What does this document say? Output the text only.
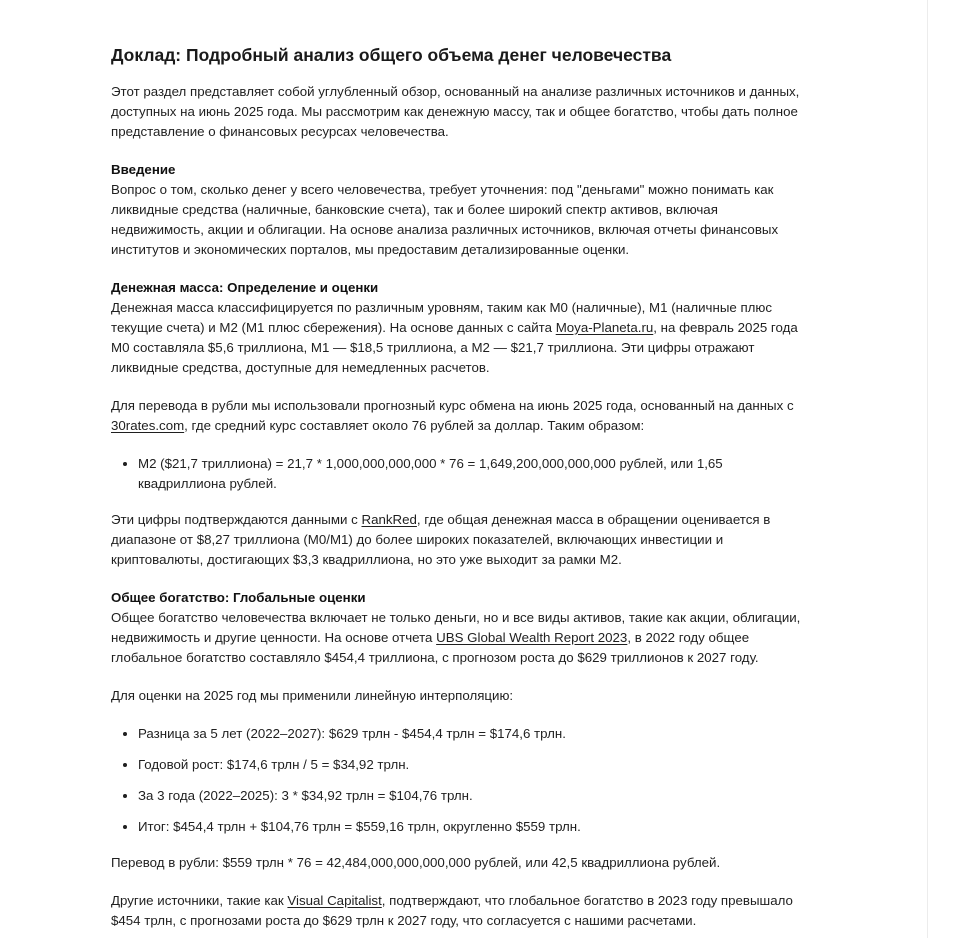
Доклад: Подробный анализ общего объема денег человечества

Этот раздел представляет собой углубленный обзор, основанный на анализе различных источников и данных, доступных на июнь 2025 года. Мы рассмотрим как денежную массу, так и общее богатство, чтобы дать полное представление о финансовых ресурсах человечества.

Введение

Вопрос о том, сколько денег у всего человечества, требует уточнения: под "деньгами" можно понимать как ликвидные средства (наличные, банковские счета), так и более широкий спектр активов, включая недвижимость, акции и облигации. На основе анализа различных источников, включая отчеты финансовых институтов и экономических порталов, мы предоставим детализированные оценки.

Денежная масса: Определение и оценки

Денежная масса классифицируется по различным уровням, таким как M0 (наличные), M1 (наличные плюс текущие счета) и M2 (M1 плюс сбережения). На основе данных с сайта Moya-Planeta.ru, на февраль 2025 года M0 составляла $5,6 триллиона, M1 — $18,5 триллиона, а M2 — $21,7 триллиона. Эти цифры отражают ликвидные средства, доступные для немедленных расчетов.

Для перевода в рубли мы использовали прогнозный курс обмена на июнь 2025 года, основанный на данных с 30rates.com, где средний курс составляет около 76 рублей за доллар. Таким образом:

• M2 ($21,7 триллиона) = 21,7 * 1,000,000,000,000 * 76 = 1,649,200,000,000,000 рублей, или 1,65 квадриллиона рублей.

Эти цифры подтверждаются данными с RankRed, где общая денежная масса в обращении оценивается в диапазоне от $8,27 триллиона (M0/M1) до более широких показателей, включающих инвестиции и криптовалюты, достигающих $3,3 квадриллиона, но это уже выходит за рамки M2.

Общее богатство: Глобальные оценки

Общее богатство человечества включает не только деньги, но и все виды активов, такие как акции, облигации, недвижимость и другие ценности. На основе отчета UBS Global Wealth Report 2023, в 2022 году общее глобальное богатство составляло $454,4 триллиона, с прогнозом роста до $629 триллионов к 2027 году.

Для оценки на 2025 год мы применили линейную интерполяцию:

• Разница за 5 лет (2022–2027): $629 трлн - $454,4 трлн = $174,6 трлн.
• Годовой рост: $174,6 трлн / 5 = $34,92 трлн.
• За 3 года (2022–2025): 3 * $34,92 трлн = $104,76 трлн.
• Итог: $454,4 трлн + $104,76 трлн = $559,16 трлн, округленно $559 трлн.

Перевод в рубли: $559 трлн * 76 = 42,484,000,000,000,000 рублей, или 42,5 квадриллиона рублей.

Другие источники, такие как Visual Capitalist, подтверждают, что глобальное богатство в 2023 году превышало $454 трлн, с прогнозами роста до $629 трлн к 2027 году, что согласуется с нашими расчетами.
